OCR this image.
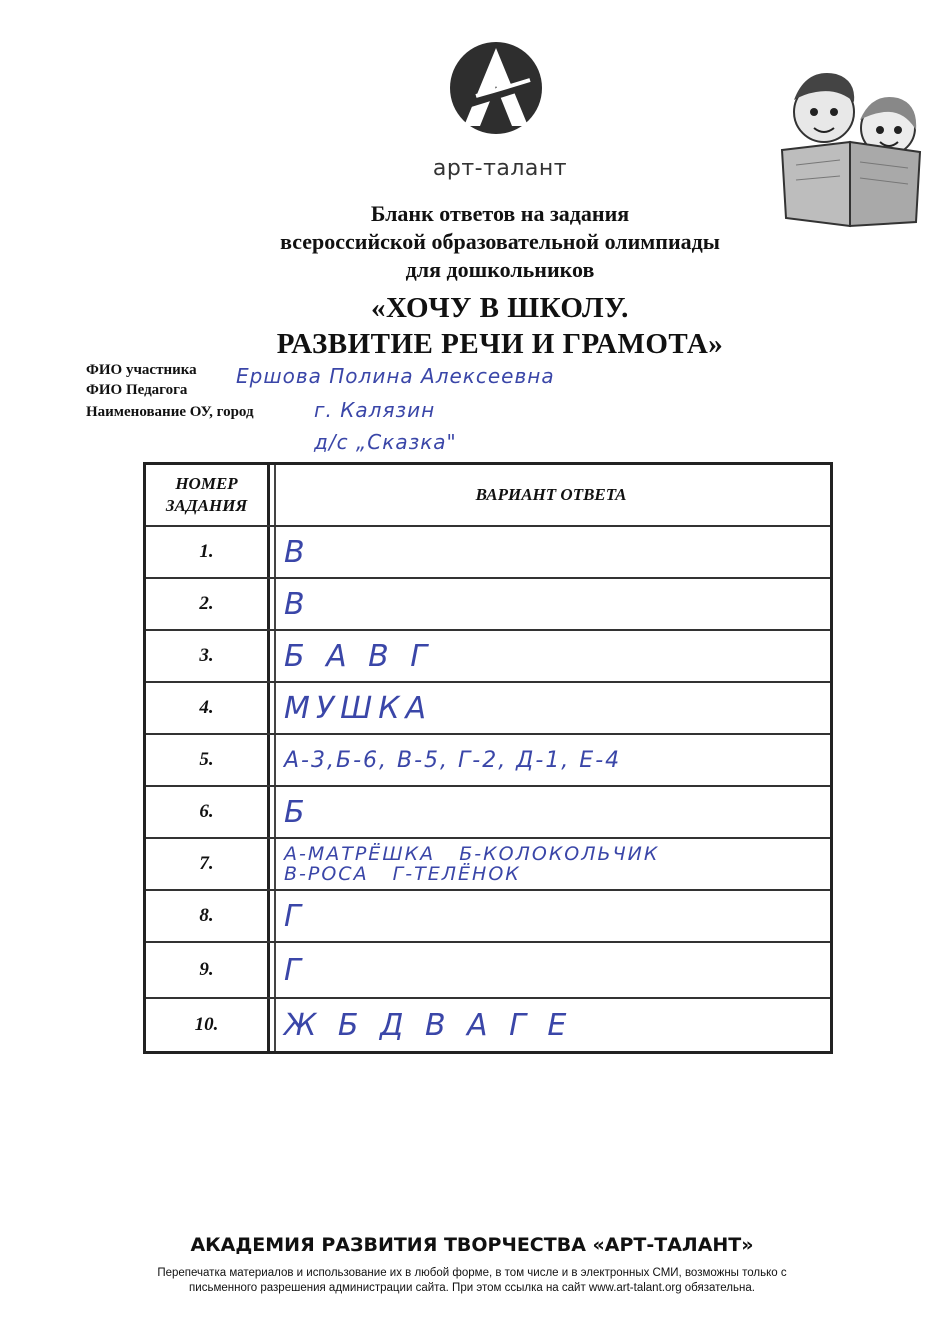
арт-талант
Бланк ответов на задания
всероссийской образовательной олимпиады
для дошкольников
«ХОЧУ В ШКОЛУ.
РАЗВИТИЕ РЕЧИ И ГРАМОТА»
ФИО участника Ершова Полина Алексеевна
ФИО Педагога
Наименование ОУ, город	г. Калязин
д/с „Сказка"
НОМЕР ЗАДАНИЯ
ВАРИАНТ ОТВЕТА
1.	В
2.	В
3.	Б А В Г
4.	МУШКА
5.	А-3,Б-6, В-5, Г-2, Д-1, Е-4
6.	Б
7.	А-МАТРЁШКА   Б-КОЛОКОЛЬЧИК
В-РОСА   Г-ТЕЛЁНОК
8.	Г
9.	Г
10.	Ж Б Д В А Г Е
АКАДЕМИЯ РАЗВИТИЯ ТВОРЧЕСТВА «АРТ-ТАЛАНТ»
Перепечатка материалов и использование их в любой форме, в том числе и в электронных СМИ, возможны только с
письменного разрешения администрации сайта. При этом ссылка на сайт www.art-talant.org обязательна.
